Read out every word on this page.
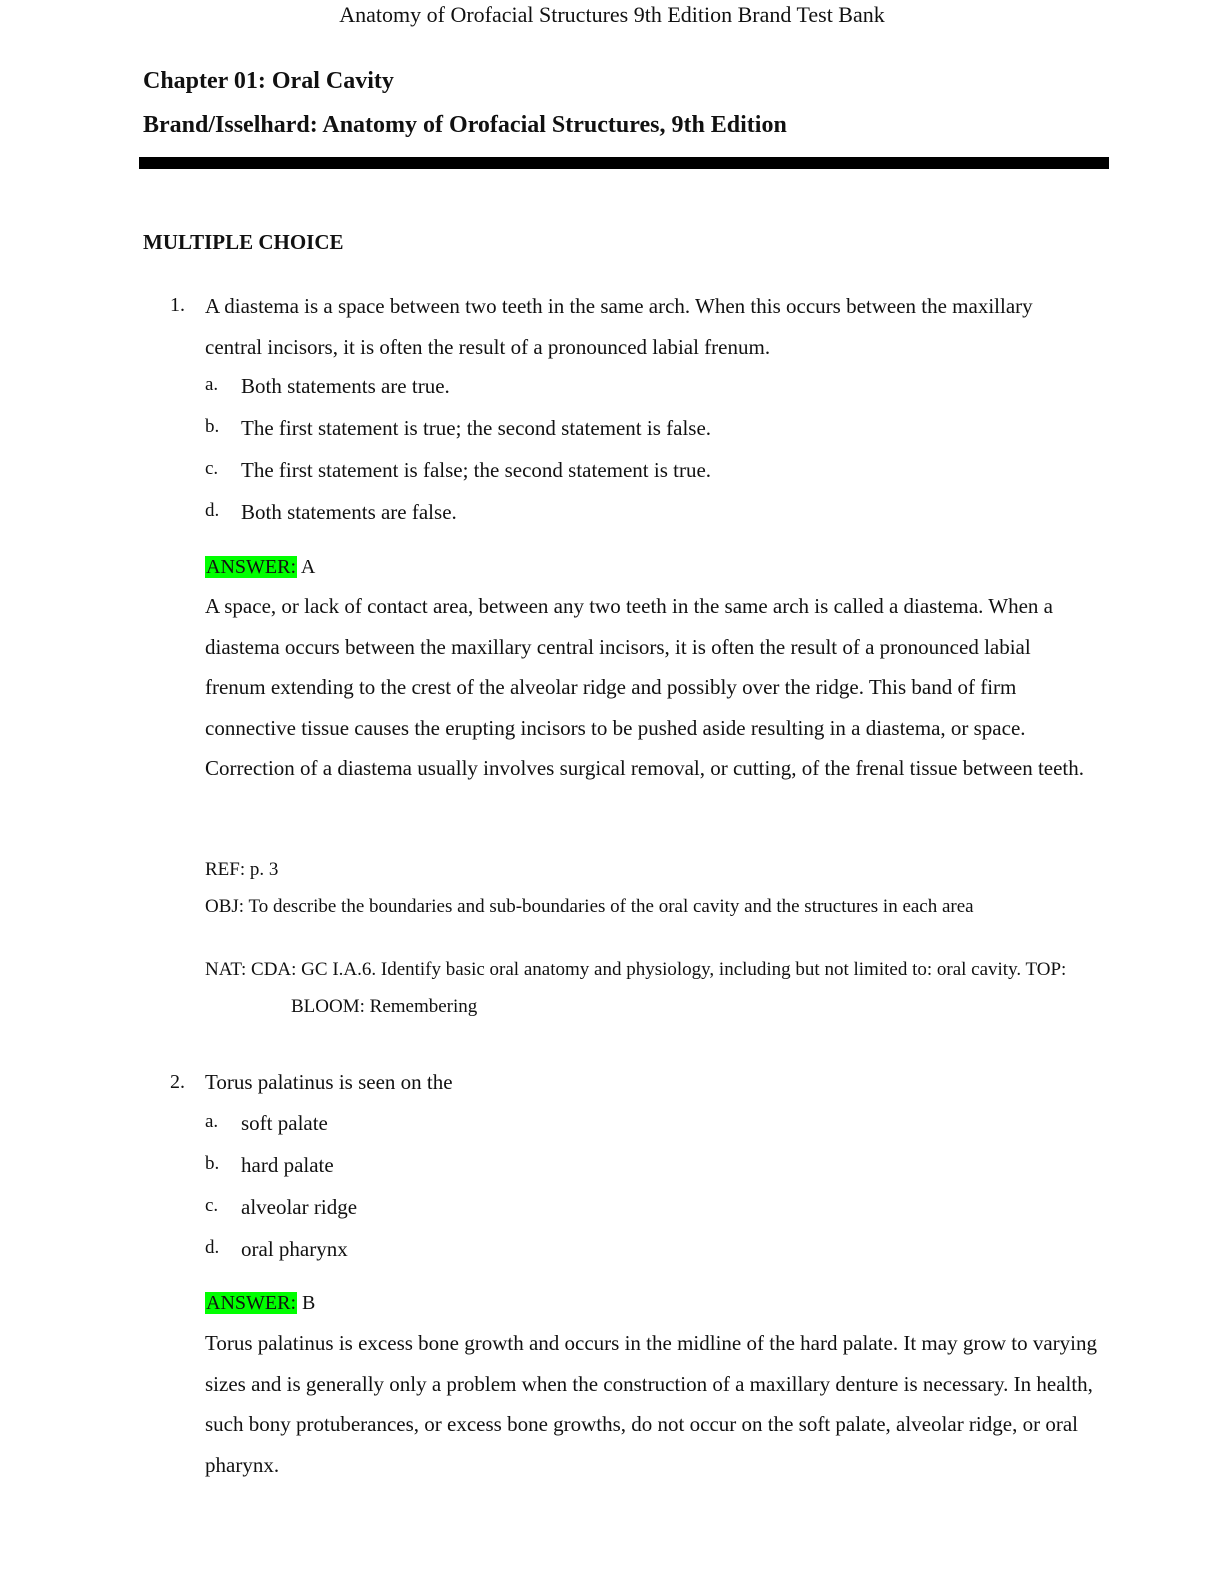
Anatomy of Orofacial Structures 9th Edition Brand Test Bank
Chapter 01: Oral Cavity
Brand/Isselhard: Anatomy of Orofacial Structures, 9th Edition
MULTIPLE CHOICE
1. A diastema is a space between two teeth in the same arch. When this occurs between the maxillary central incisors, it is often the result of a pronounced labial frenum.
a.	Both statements are true.
b.	The first statement is true; the second statement is false.
c.	The first statement is false; the second statement is true.
d.	Both statements are false.
ANSWER: A
A space, or lack of contact area, between any two teeth in the same arch is called a diastema. When a diastema occurs between the maxillary central incisors, it is often the result of a pronounced labial frenum extending to the crest of the alveolar ridge and possibly over the ridge. This band of firm connective tissue causes the erupting incisors to be pushed aside resulting in a diastema, or space. Correction of a diastema usually involves surgical removal, or cutting, of the frenal tissue between teeth.
REF: p. 3
OBJ: To describe the boundaries and sub-boundaries of the oral cavity and the structures in each area
NAT: CDA: GC I.A.6. Identify basic oral anatomy and physiology, including but not limited to: oral cavity. TOP:BLOOM: Remembering
2. Torus palatinus is seen on the
a.	soft palate
b.	hard palate
c.	alveolar ridge
d.	oral pharynx
ANSWER: B
Torus palatinus is excess bone growth and occurs in the midline of the hard palate. It may grow to varying sizes and is generally only a problem when the construction of a maxillary denture is necessary. In health, such bony protuberances, or excess bone growths, do not occur on the soft palate, alveolar ridge, or oral pharynx.
